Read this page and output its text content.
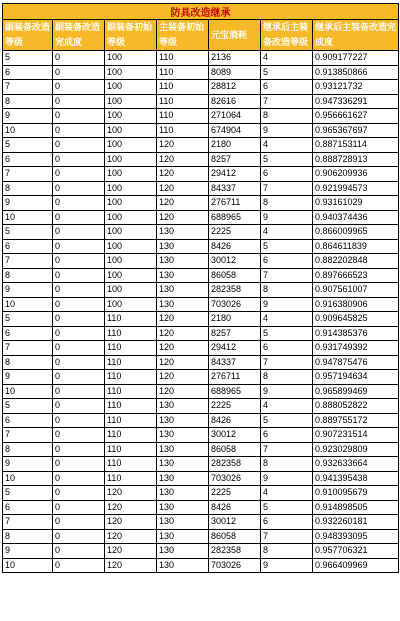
防具改造继承						
副装备改造等级	副装备改造完成度	副装备初始等级	主装备初始等级	元宝消耗	继承后主装备改造等级	继承后主装备改造完成度
5	0	100	110	2136	4	0.909177227
6	0	100	110	8089	5	0.913850866
7	0	100	110	28812	6	0.93121732
8	0	100	110	82616	7	0.947336291
9	0	100	110	271064	8	0.956661627
10	0	100	110	674904	9	0.965367697
5	0	100	120	2180	4	0.887153114
6	0	100	120	8257	5	0.888728913
7	0	100	120	29412	6	0.906209936
8	0	100	120	84337	7	0.921994573
9	0	100	120	276711	8	0.93161029
10	0	100	120	688965	9	0.940374436
5	0	100	130	2225	4	0.866009965
6	0	100	130	8426	5	0.864611839
7	0	100	130	30012	6	0.882202848
8	0	100	130	86058	7	0.897666523
9	0	100	130	282358	8	0.907561007
10	0	100	130	703026	9	0.916380906
5	0	110	120	2180	4	0.909645825
6	0	110	120	8257	5	0.914385376
7	0	110	120	29412	6	0.931749392
8	0	110	120	84337	7	0.947875476
9	0	110	120	276711	8	0.957194634
10	0	110	120	688965	9	0.965899469
5	0	110	130	2225	4	0.888052822
6	0	110	130	8426	5	0.889755172
7	0	110	130	30012	6	0.907231514
8	0	110	130	86058	7	0.923029809
9	0	110	130	282358	8	0.932633664
10	0	110	130	703026	9	0.941395438
5	0	120	130	2225	4	0.910095679
6	0	120	130	8426	5	0.914898505
7	0	120	130	30012	6	0.932260181
8	0	120	130	86058	7	0.948393095
9	0	120	130	282358	8	0.957706321
10	0	120	130	703026	9	0.966409969
